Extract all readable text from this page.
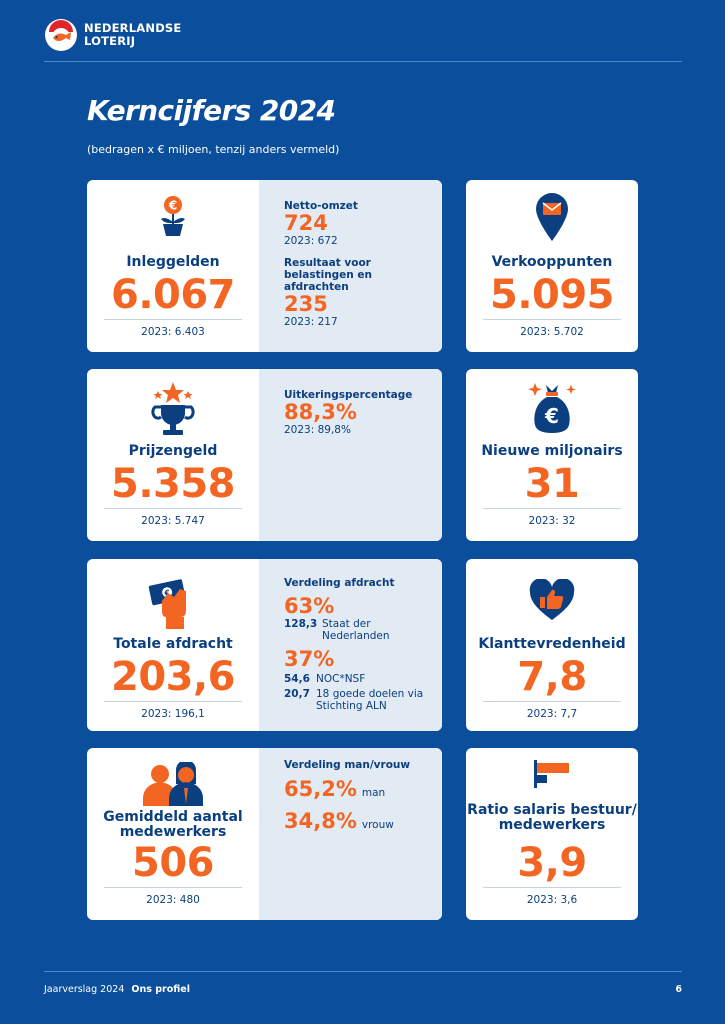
NEDERLANDSE
LOTERIJ
Kerncijfers 2024
(bedragen x € miljoen, tenzij anders vermeld)
€
Inleggelden
6.067
2023: 6.403
Netto-omzet
724
2023: 672
Resultaat voor belastingen en afdrachten
235
2023: 217
Verkooppunten
5.095
2023: 5.702
Prijzengeld
5.358
2023: 5.747
Uitkeringspercentage
88,3%
2023: 89,8%
€
Nieuwe miljonairs
31
2023: 32
€
Totale afdracht
203,6
2023: 196,1
Verdeling afdracht
63%
128,3 Staat der Nederlanden
37%
54,6 NOC*NSF
20,7 18 goede doelen via Stichting ALN
Klanttevredenheid
7,8
2023: 7,7
Gemiddeld aantal medewerkers
506
2023: 480
Verdeling man/vrouw
65,2% man
34,8% vrouw
Ratio salaris bestuur/ medewerkers
3,9
2023: 3,6
Jaarverslag 2024 Ons profiel	6
